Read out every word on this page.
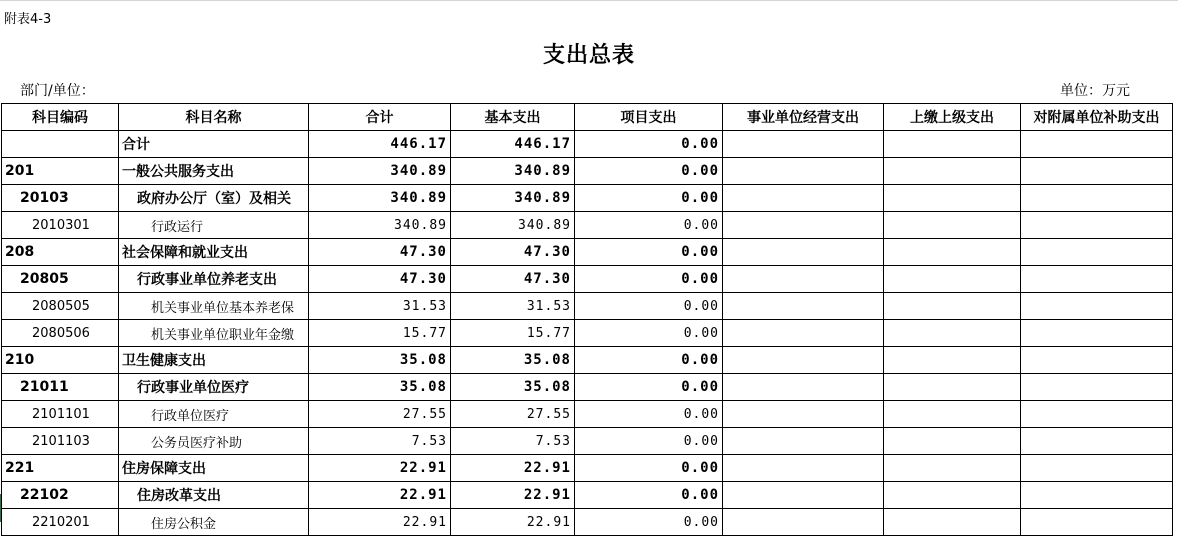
附表4-3
支出总表
部门/单位：	单位：万元
科目编码	科目名称	合计	基本支出	项目支出	事业单位经营支出	上缴上级支出	对附属单位补助支出
	合计	446.17	446.17	0.00			
201	一般公共服务支出	340.89	340.89	0.00			
20103	政府办公厅（室）及相关	340.89	340.89	0.00			
2010301	行政运行	340.89	340.89	0.00			
208	社会保障和就业支出	47.30	47.30	0.00			
20805	行政事业单位养老支出	47.30	47.30	0.00			
2080505	机关事业单位基本养老保	31.53	31.53	0.00			
2080506	机关事业单位职业年金缴	15.77	15.77	0.00			
210	卫生健康支出	35.08	35.08	0.00			
21011	行政事业单位医疗	35.08	35.08	0.00			
2101101	行政单位医疗	27.55	27.55	0.00			
2101103	公务员医疗补助	7.53	7.53	0.00			
221	住房保障支出	22.91	22.91	0.00			
22102	住房改革支出	22.91	22.91	0.00			
2210201	住房公积金	22.91	22.91	0.00			
